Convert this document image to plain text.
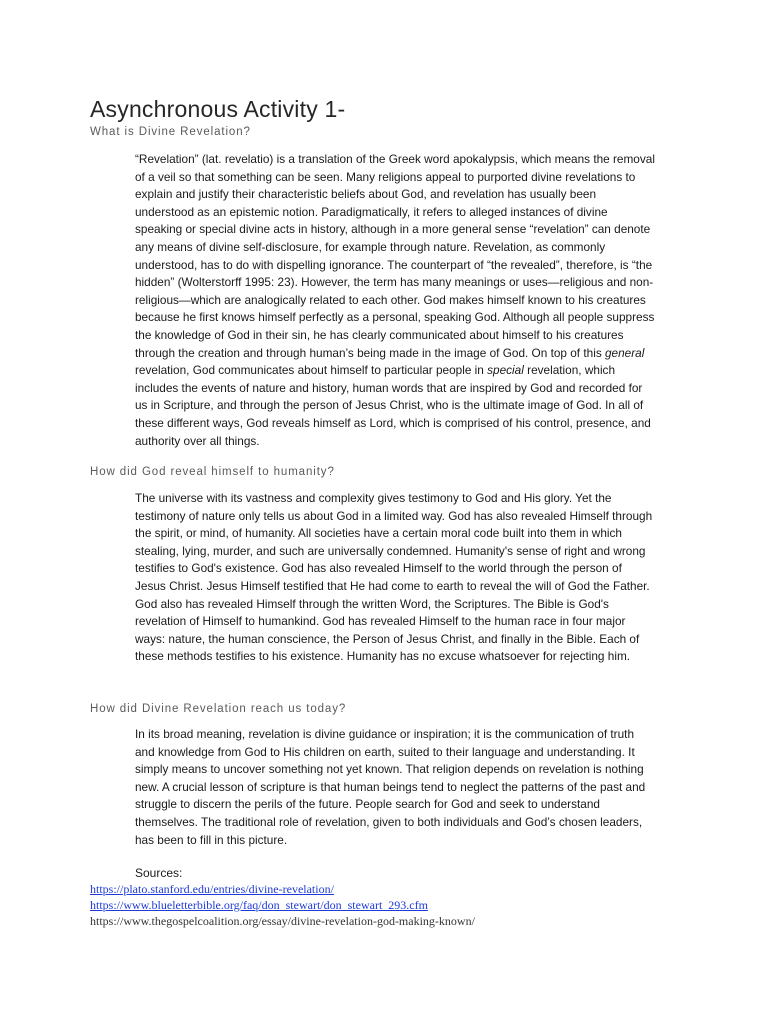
Asynchronous Activity 1-
What is Divine Revelation?

“Revelation” (lat. revelatio) is a translation of the Greek word apokalypsis, which means the removal of a veil so that something can be seen. Many religions appeal to purported divine revelations to explain and justify their characteristic beliefs about God, and revelation has usually been understood as an epistemic notion. Paradigmatically, it refers to alleged instances of divine speaking or special divine acts in history, although in a more general sense “revelation” can denote any means of divine self-disclosure, for example through nature. Revelation, as commonly understood, has to do with dispelling ignorance. The counterpart of “the revealed”, therefore, is “the hidden” (Wolterstorff 1995: 23). However, the term has many meanings or uses—religious and non-religious—which are analogically related to each other. God makes himself known to his creatures because he first knows himself perfectly as a personal, speaking God. Although all people suppress the knowledge of God in their sin, he has clearly communicated about himself to his creatures through the creation and through human’s being made in the image of God. On top of this general revelation, God communicates about himself to particular people in special revelation, which includes the events of nature and history, human words that are inspired by God and recorded for us in Scripture, and through the person of Jesus Christ, who is the ultimate image of God. In all of these different ways, God reveals himself as Lord, which is comprised of his control, presence, and authority over all things.

How did God reveal himself to humanity?

The universe with its vastness and complexity gives testimony to God and His glory. Yet the testimony of nature only tells us about God in a limited way. God has also revealed Himself through the spirit, or mind, of humanity. All societies have a certain moral code built into them in which stealing, lying, murder, and such are universally condemned. Humanity's sense of right and wrong testifies to God's existence. God has also revealed Himself to the world through the person of Jesus Christ. Jesus Himself testified that He had come to earth to reveal the will of God the Father. God also has revealed Himself through the written Word, the Scriptures. The Bible is God's revelation of Himself to humankind. God has revealed Himself to the human race in four major ways: nature, the human conscience, the Person of Jesus Christ, and finally in the Bible. Each of these methods testifies to his existence. Humanity has no excuse whatsoever for rejecting him.

How did Divine Revelation reach us today?

In its broad meaning, revelation is divine guidance or inspiration; it is the communication of truth and knowledge from God to His children on earth, suited to their language and understanding. It simply means to uncover something not yet known. That religion depends on revelation is nothing new. A crucial lesson of scripture is that human beings tend to neglect the patterns of the past and struggle to discern the perils of the future. People search for God and seek to understand themselves. The traditional role of revelation, given to both individuals and God’s chosen leaders, has been to fill in this picture.

Sources:
https://plato.stanford.edu/entries/divine-revelation/
https://www.blueletterbible.org/faq/don_stewart/don_stewart_293.cfm
https://www.thegospelcoalition.org/essay/divine-revelation-god-making-known/
